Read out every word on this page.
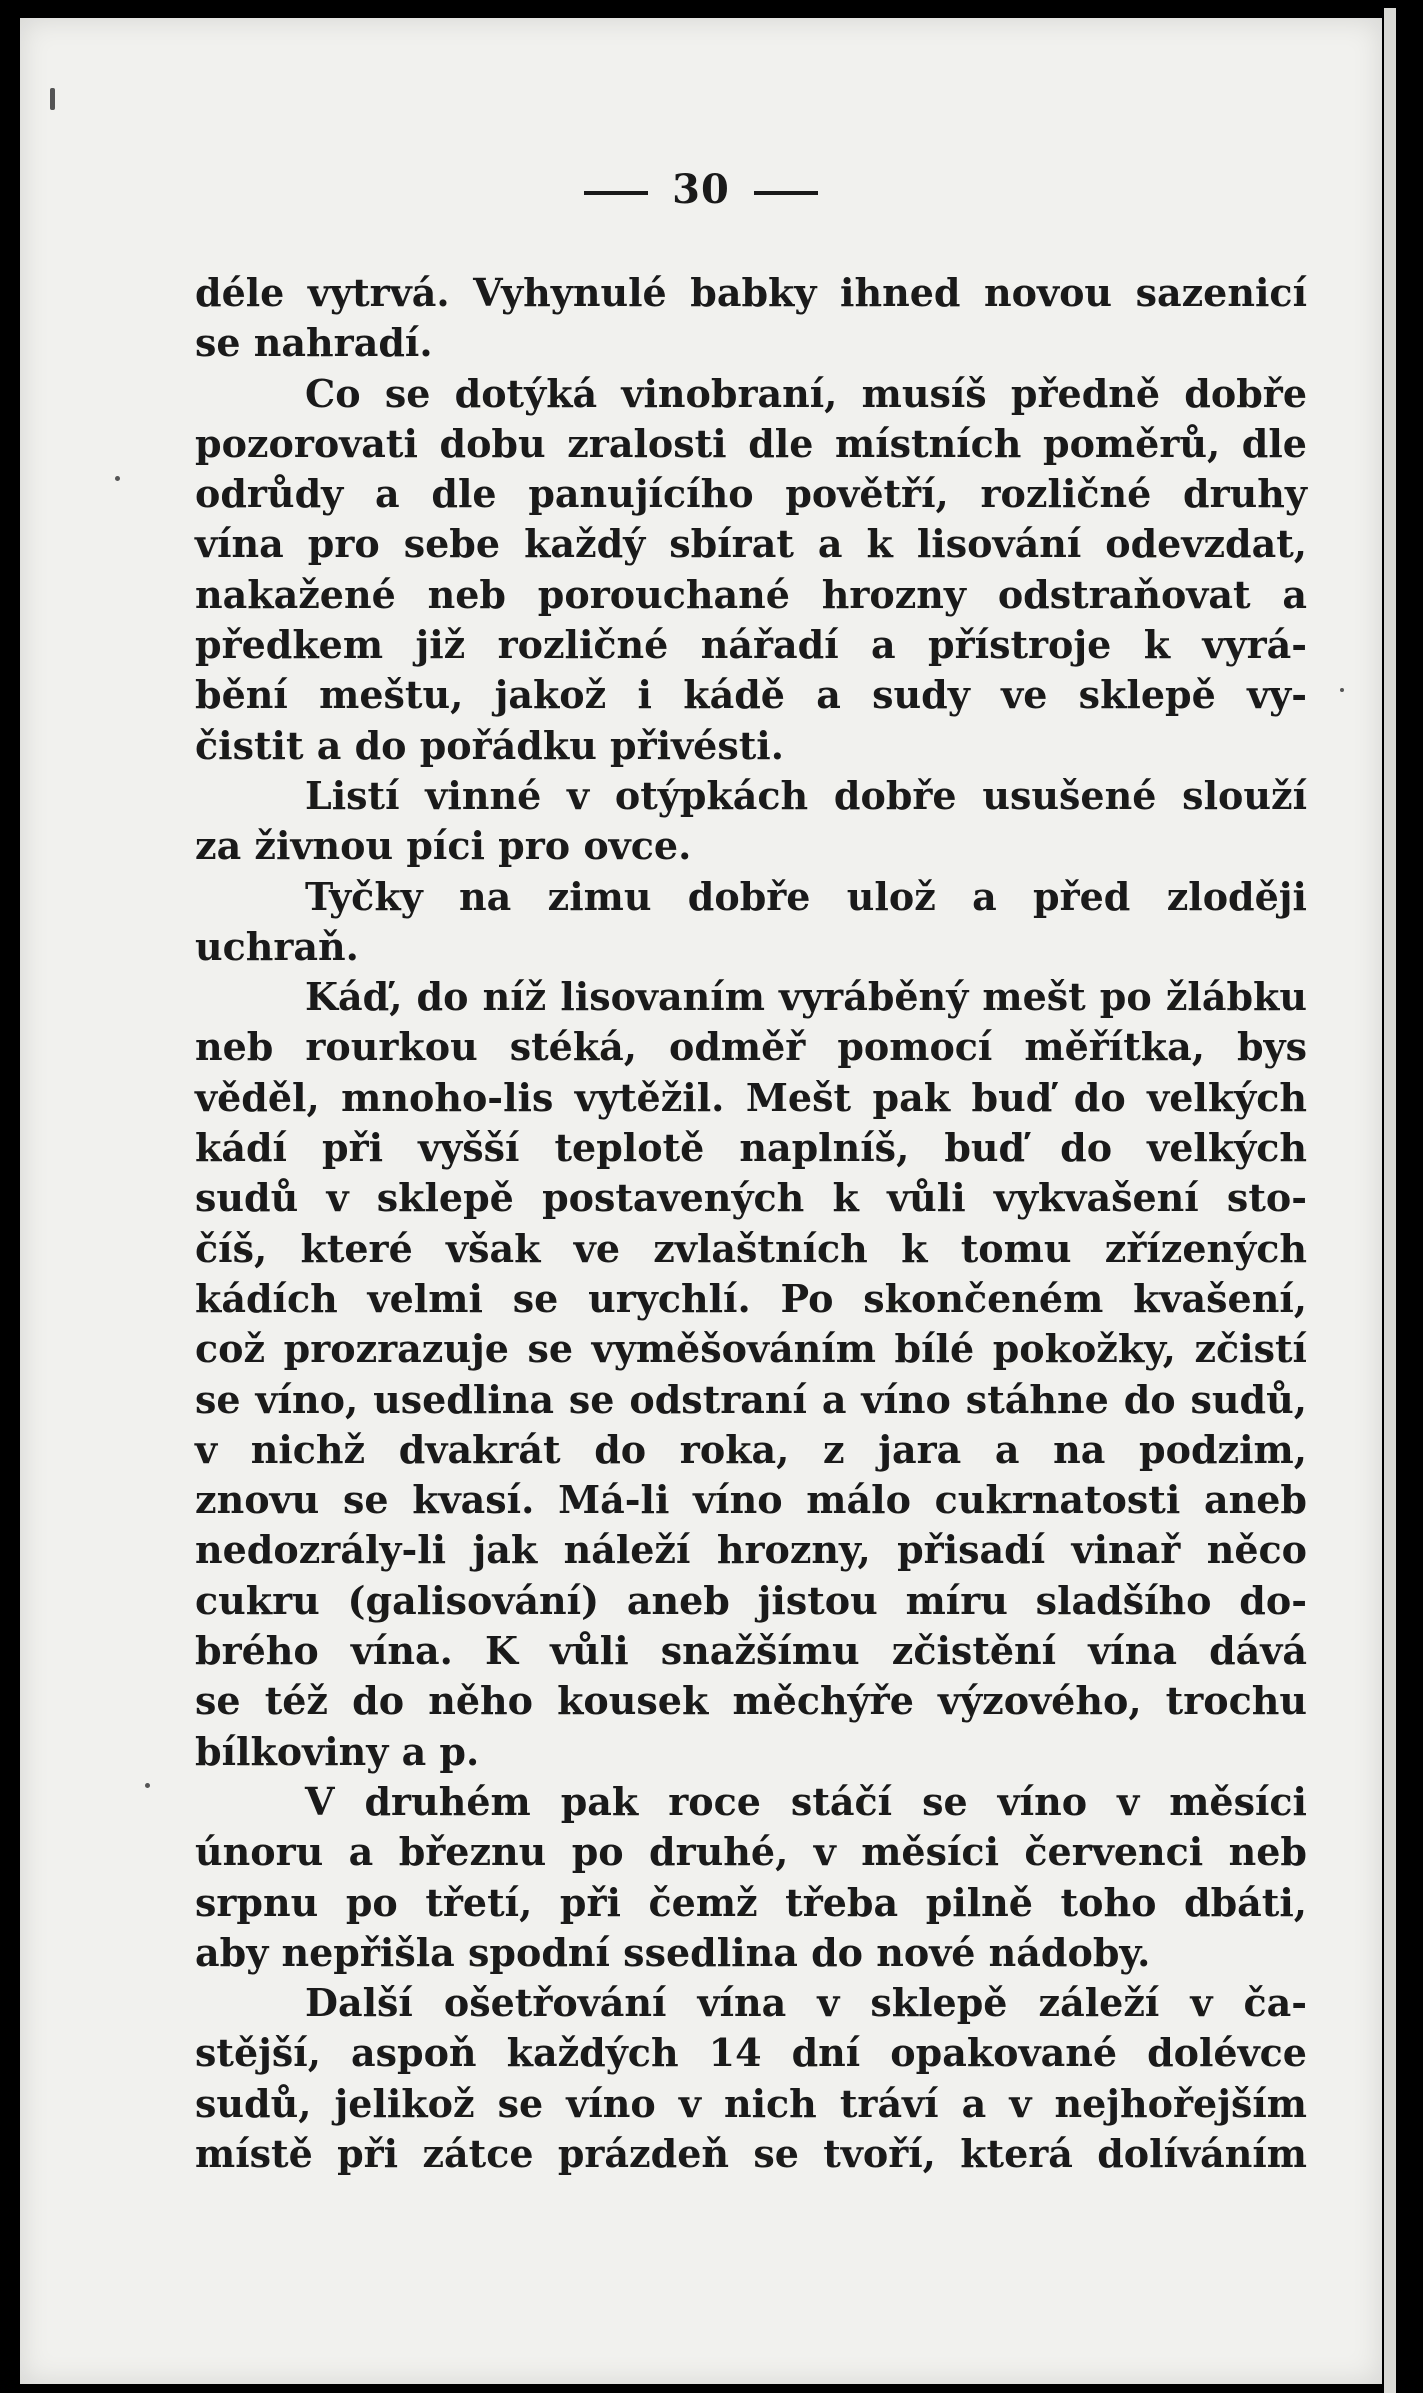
30
déle vytrvá. Vyhynulé babky ihned novou sazenicí
se nahradí.
Co se dotýká vinobraní, musíš předně dobře
pozorovati dobu zralosti dle místních poměrů, dle
odrůdy a dle panujícího povětří, rozličné druhy
vína pro sebe každý sbírat a k lisování odevzdat,
nakažené neb porouchané hrozny odstraňovat a
předkem již rozličné nářadí a přístroje k vyrá-
bění meštu, jakož i kádě a sudy ve sklepě vy-
čistit a do pořádku přivésti.
Listí vinné v otýpkách dobře usušené slouží
za živnou píci pro ovce.
Tyčky na zimu dobře ulož a před zloději
uchraň.
Káď, do níž lisovaním vyráběný mešt po žlábku
neb rourkou stéká, odměř pomocí měřítka, bys
věděl, mnoho-lis vytěžil. Mešt pak buď do velkých
kádí při vyšší teplotě naplníš, buď do velkých
sudů v sklepě postavených k vůli vykvašení sto-
číš, které však ve zvlaštních k tomu zřízených
kádích velmi se urychlí. Po skončeném kvašení,
což prozrazuje se vyměšováním bílé pokožky, zčistí
se víno, usedlina se odstraní a víno stáhne do sudů,
v nichž dvakrát do roka, z jara a na podzim,
znovu se kvasí. Má-li víno málo cukrnatosti aneb
nedozrály-li jak náleží hrozny, přisadí vinař něco
cukru (galisování) aneb jistou míru sladšího do-
brého vína. K vůli snažšímu zčistění vína dává
se též do něho kousek měchýře výzového, trochu
bílkoviny a p.
V druhém pak roce stáčí se víno v měsíci
únoru a březnu po druhé, v měsíci červenci neb
srpnu po třetí, při čemž třeba pilně toho dbáti,
aby nepřišla spodní ssedlina do nové nádoby.
Další ošetřování vína v sklepě záleží v ča-
stější, aspoň každých 14 dní opakované dolévce
sudů, jelikož se víno v nich tráví a v nejhořejším
místě při zátce prázdeň se tvoří, která dolíváním
